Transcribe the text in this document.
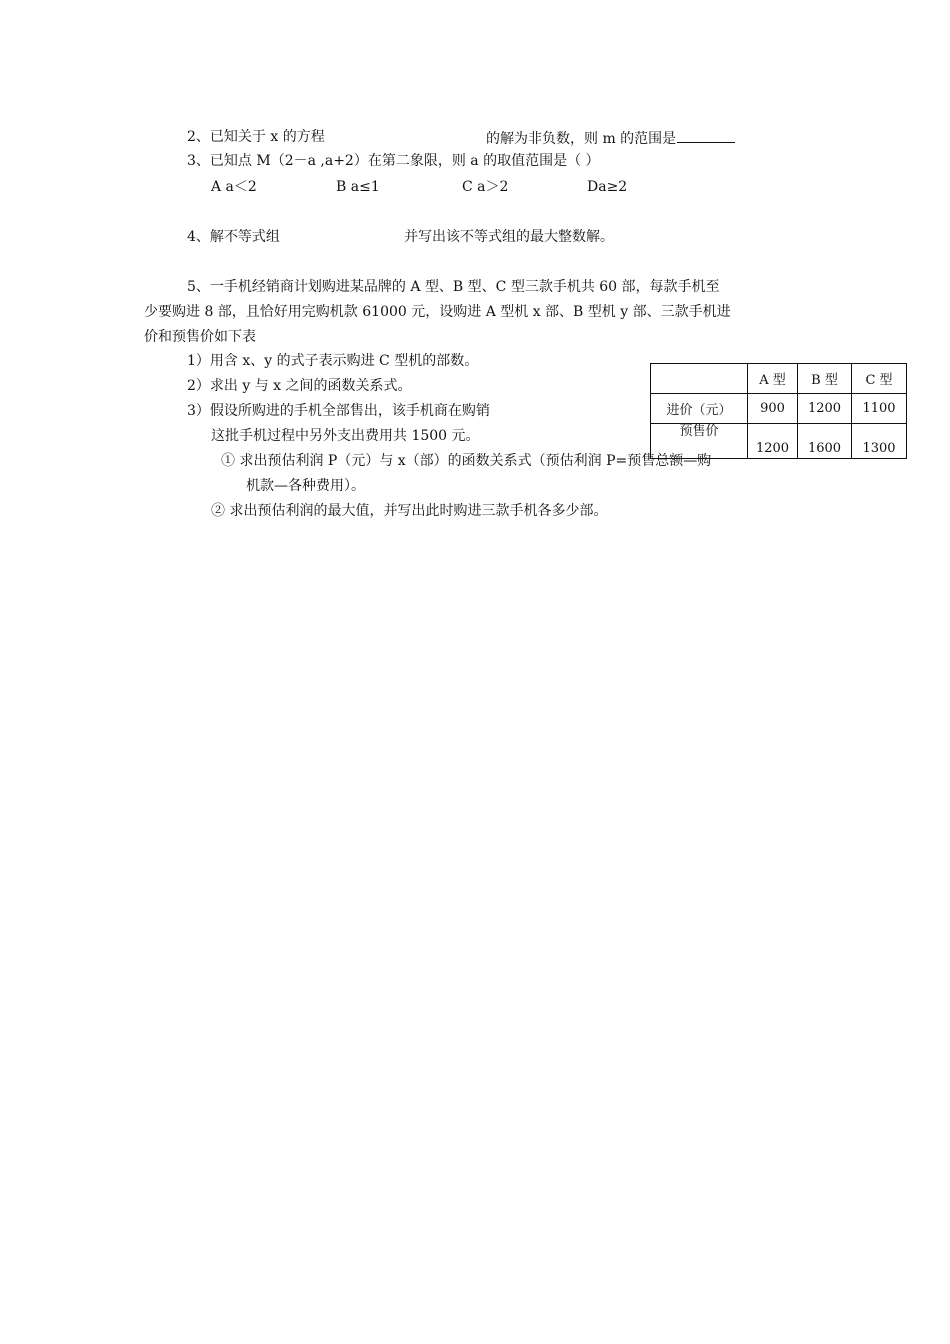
2、已知关于 x 的方程	的解为非负数，则 m 的范围是
3、已知点 M（2－a ,a+2）在第二象限，则 a 的取值范围是（ ）
A a＜2	B a≤1	C a＞2	Da≥2
4、解不等式组	并写出该不等式组的最大整数解。
5、一手机经销商计划购进某品牌的 A 型、B 型、C 型三款手机共 60 部，每款手机至
少要购进 8 部，且恰好用完购机款 61000 元，设购进 A 型机 x 部、B 型机 y 部、三款手机进
价和预售价如下表
1）用含 x、y 的式子表示购进 C 型机的部数。
2）求出 y 与 x 之间的函数关系式。
3）假设所购进的手机全部售出，该手机商在购销
这批手机过程中另外支出费用共 1500 元。
① 求出预估利润 P（元）与 x（部）的函数关系式（预估利润 P=预售总额—购
机款—各种费用）。
② 求出预估利润的最大值，并写出此时购进三款手机各多少部。
	A 型	B 型	C 型
进价（元）	900	1200	1100

预售价	1200	1600	1300
